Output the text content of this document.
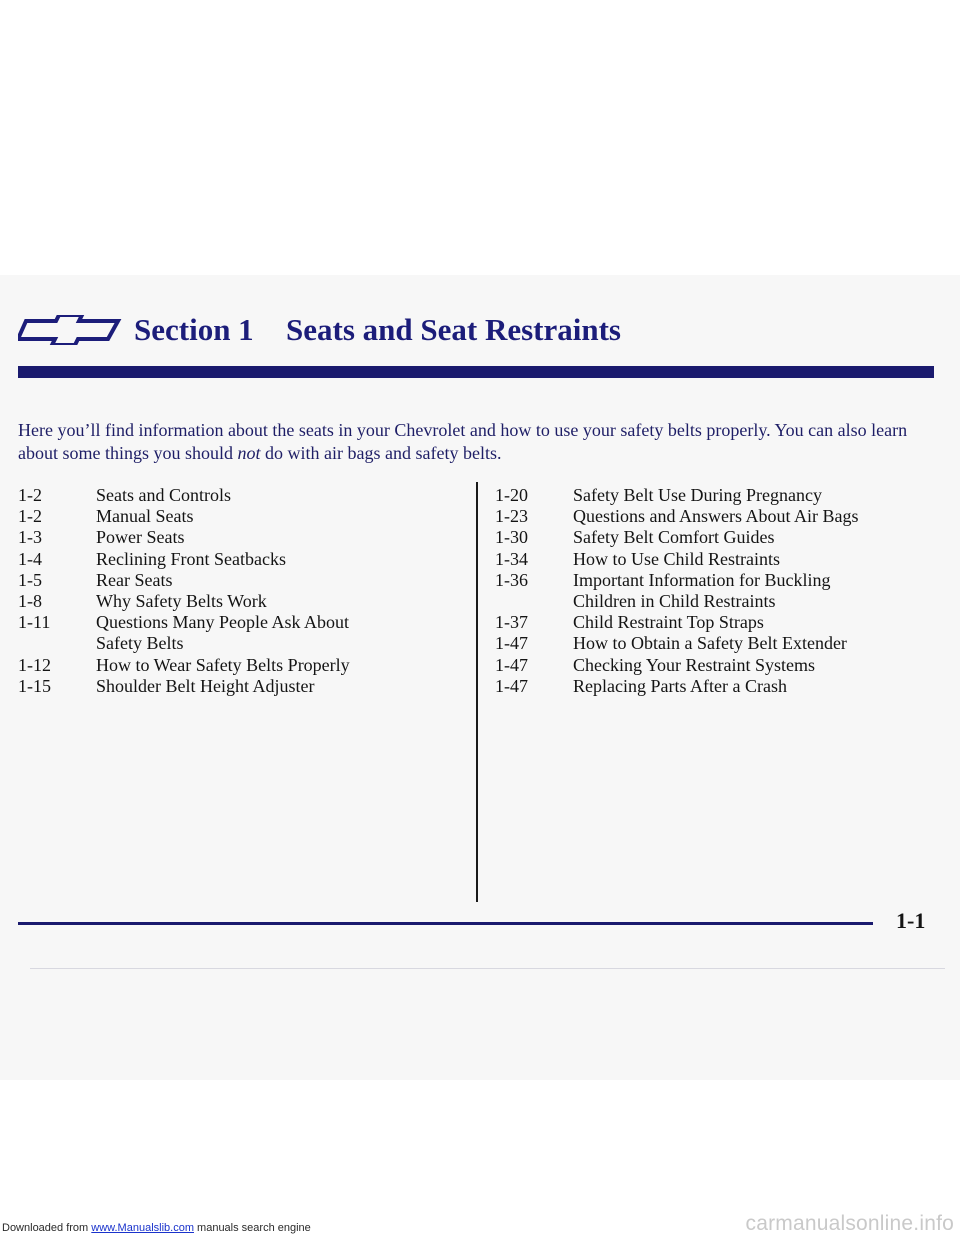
Section 1	Seats and Seat Restraints

Here you’ll find information about the seats in your Chevrolet and how to use your safety belts properly. You can also learn about some things you should not do with air bags and safety belts.

1-2	Seats and Controls
1-2	Manual Seats
1-3	Power Seats
1-4	Reclining Front Seatbacks
1-5	Rear Seats
1-8	Why Safety Belts Work
1-11	Questions Many People Ask About
Safety Belts
1-12	How to Wear Safety Belts Properly
1-15	Shoulder Belt Height Adjuster
1-20	Safety Belt Use During Pregnancy
1-23	Questions and Answers About Air Bags
1-30	Safety Belt Comfort Guides
1-34	How to Use Child Restraints
1-36	Important Information for Buckling
Children in Child Restraints
1-37	Child Restraint Top Straps
1-47	How to Obtain a Safety Belt Extender
1-47	Checking Your Restraint Systems
1-47	Replacing Parts After a Crash
1-1
Downloaded from www.Manualslib.com manuals search engine	carmanualsonline.info
